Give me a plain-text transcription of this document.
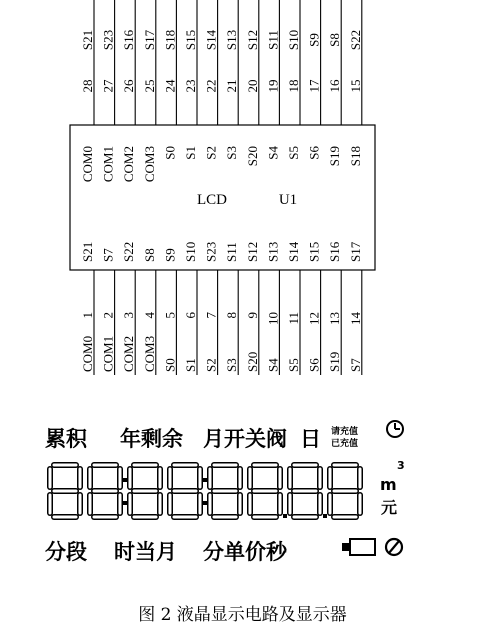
S21
28
COM0
S23
27
COM1
S16
26
COM2
S17
25
COM3
S18
24
S0
S15
23
S1
S14
22
S2
S13
21
S3
S12
20
S20
S11
19
S4
S10
18
S5
S9
17
S6
S8
16
S19
S22
15
S18
LCD	U1
S21
1
COM0
S7
2
COM1
S22
3
COM2
S8
4
COM3
S9
5
S0
S10
6
S1
S23
7
S2
S11
8
S3
S12
9
S20
S13
10
S4
S14
11
S5
S15
12
S6
S16
13
S19
S17
14
S7
累积 年剩余 月开关阀 日 请充值
已充值
m
3
元
分段 时当月 分单价秒
图 2 液晶显示电路及显示器
